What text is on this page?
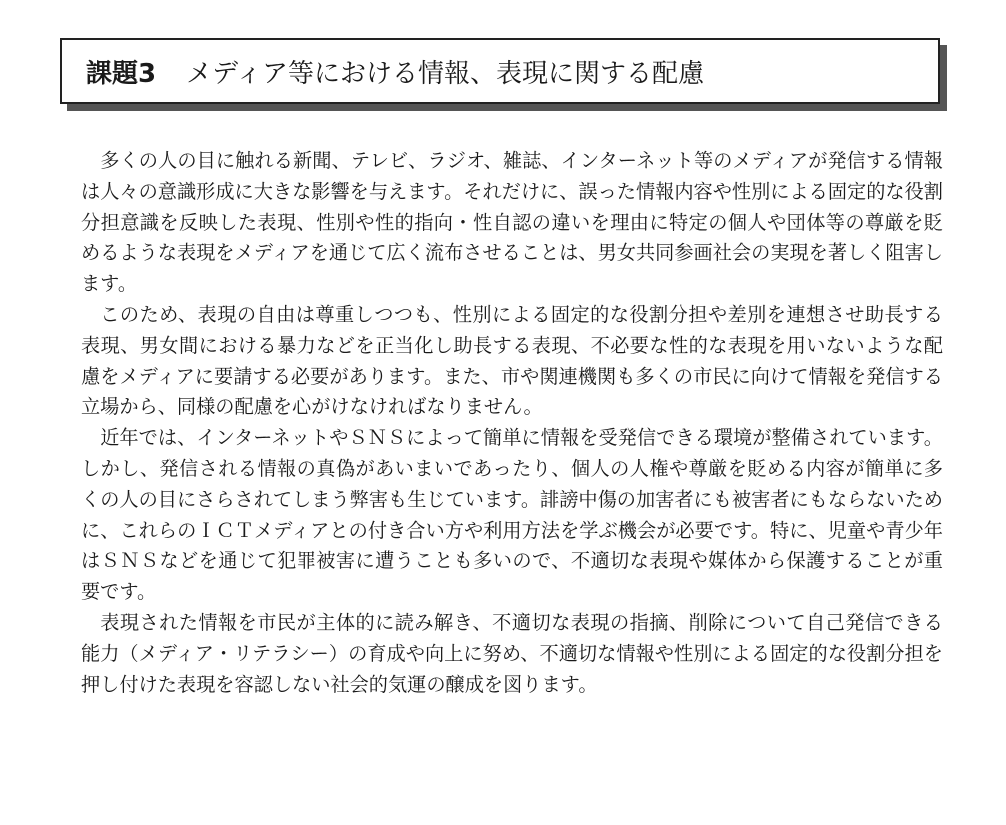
課題3 メディア等における情報、表現に関する配慮

多くの人の目に触れる新聞、テレビ、ラジオ、雑誌、インターネット等のメディアが発信する情報は人々の意識形成に大きな影響を与えます。それだけに、誤った情報内容や性別による固定的な役割分担意識を反映した表現、性別や性的指向・性自認の違いを理由に特定の個人や団体等の尊厳を貶めるような表現をメディアを通じて広く流布させることは、男女共同参画社会の実現を著しく阻害します。

このため、表現の自由は尊重しつつも、性別による固定的な役割分担や差別を連想させ助長する表現、男女間における暴力などを正当化し助長する表現、不必要な性的な表現を用いないような配慮をメディアに要請する必要があります。また、市や関連機関も多くの市民に向けて情報を発信する立場から、同様の配慮を心がけなければなりません。

近年では、インターネットやＳＮＳによって簡単に情報を受発信できる環境が整備されています。しかし、発信される情報の真偽があいまいであったり、個人の人権や尊厳を貶める内容が簡単に多くの人の目にさらされてしまう弊害も生じています。誹謗中傷の加害者にも被害者にもならないために、これらのＩＣＴメディアとの付き合い方や利用方法を学ぶ機会が必要です。特に、児童や青少年はＳＮＳなどを通じて犯罪被害に遭うことも多いので、不適切な表現や媒体から保護することが重要です。

表現された情報を市民が主体的に読み解き、不適切な表現の指摘、削除について自己発信できる能力（メディア・リテラシー）の育成や向上に努め、不適切な情報や性別による固定的な役割分担を押し付けた表現を容認しない社会的気運の醸成を図ります。
